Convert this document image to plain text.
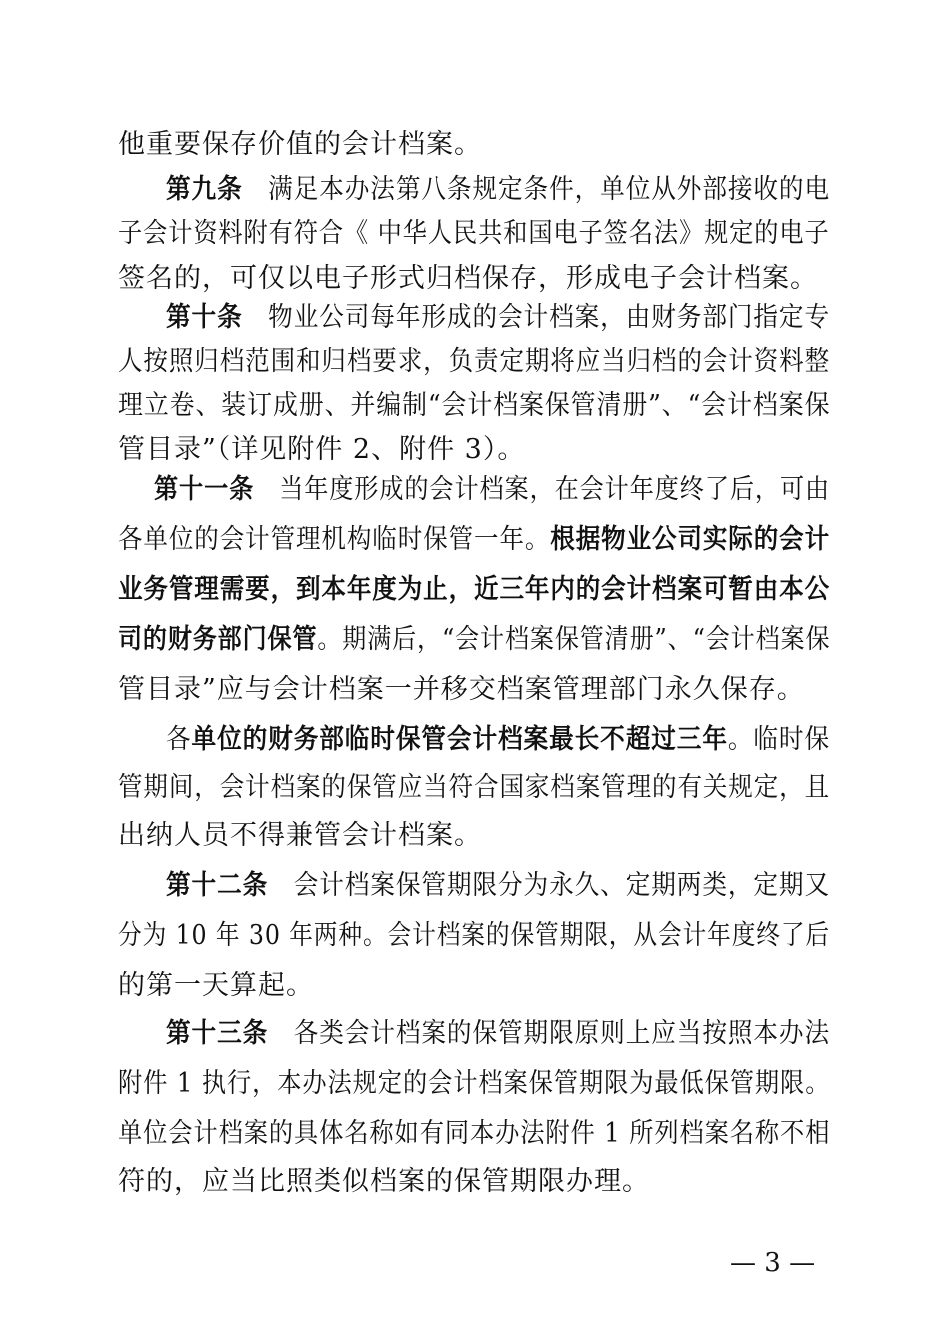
他重要保存价值的会计档案。
第九条　满足本办法第八条规定条件，单位从外部接收的电
子会计资料附有符合《 中华人民共和国电子签名法》规定的电子
签名的，可仅以电子形式归档保存，形成电子会计档案。
第十条　物业公司每年形成的会计档案，由财务部门指定专
人按照归档范围和归档要求，负责定期将应当归档的会计资料整
理立卷、装订成册、并编制“会计档案保管清册”、“会计档案保
管目录”（详见附件 2、附件 3）。
第十一条　当年度形成的会计档案，在会计年度终了后，可由
各单位的会计管理机构临时保管一年。根据物业公司实际的会计
业务管理需要，到本年度为止，近三年内的会计档案可暂由本公
司的财务部门保管。期满后，“会计档案保管清册”、“会计档案保
管目录”应与会计档案一并移交档案管理部门永久保存。
各单位的财务部临时保管会计档案最长不超过三年。临时保
管期间，会计档案的保管应当符合国家档案管理的有关规定，且
出纳人员不得兼管会计档案。
第十二条　会计档案保管期限分为永久、定期两类，定期又
分为 10 年 30 年两种。会计档案的保管期限，从会计年度终了后
的第一天算起。
第十三条　各类会计档案的保管期限原则上应当按照本办法
附件 1 执行，本办法规定的会计档案保管期限为最低保管期限。
单位会计档案的具体名称如有同本办法附件 1 所列档案名称不相
符的，应当比照类似档案的保管期限办理。
— 3 —
